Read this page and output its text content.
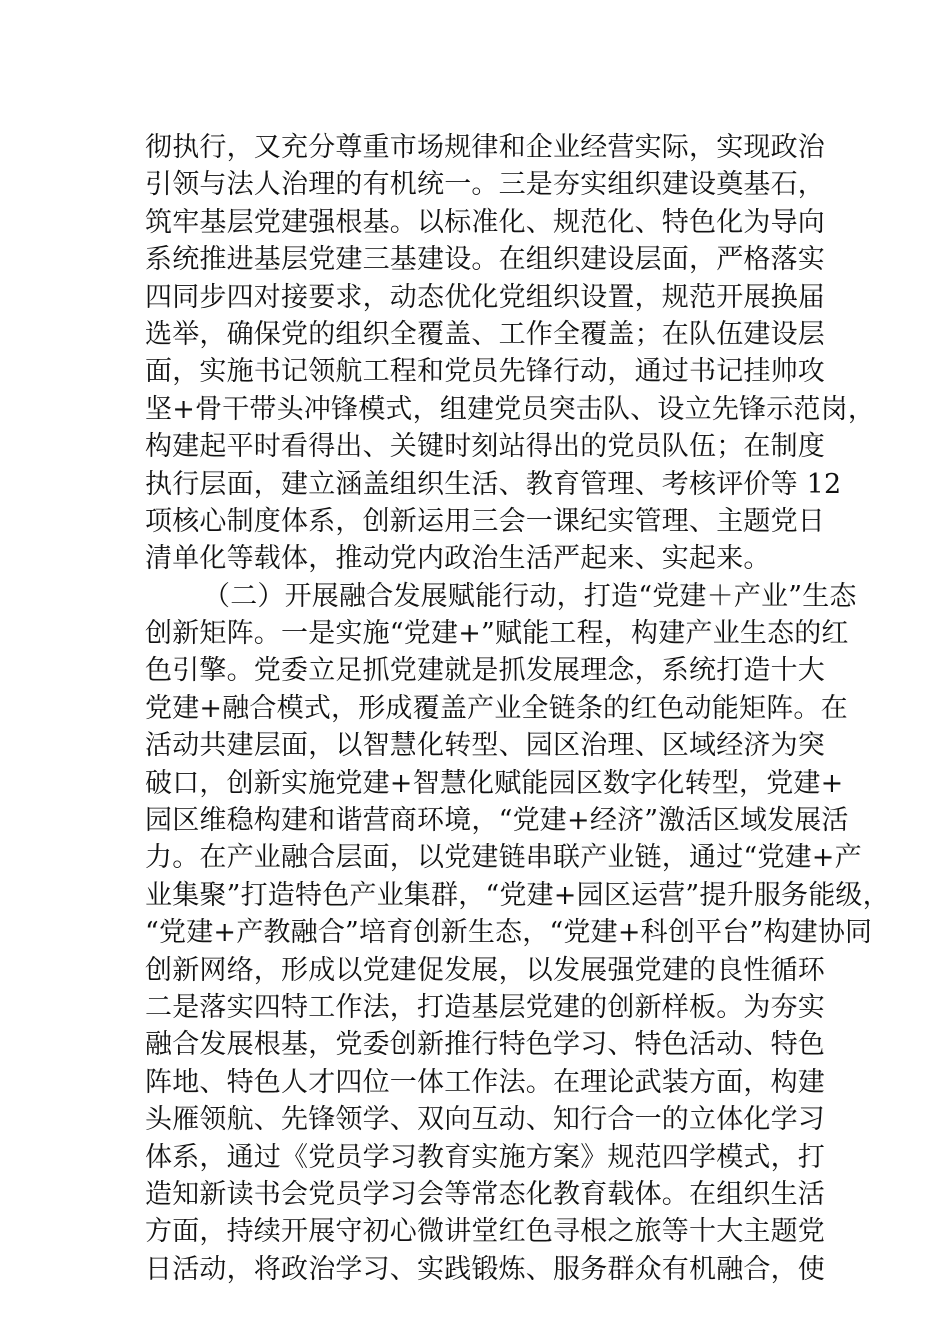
彻执行，又充分尊重市场规律和企业经营实际，实现政治
引领与法人治理的有机统一。三是夯实组织建设奠基石，
筑牢基层党建强根基。以标准化、规范化、特色化为导向
系统推进基层党建三基建设。在组织建设层面，严格落实
四同步四对接要求，动态优化党组织设置，规范开展换届
选举，确保党的组织全覆盖、工作全覆盖；在队伍建设层
面，实施书记领航工程和党员先锋行动，通过书记挂帅攻
坚+骨干带头冲锋模式，组建党员突击队、设立先锋示范岗，
构建起平时看得出、关键时刻站得出的党员队伍；在制度
执行层面，建立涵盖组织生活、教育管理、考核评价等 12
项核心制度体系，创新运用三会一课纪实管理、主题党日
清单化等载体，推动党内政治生活严起来、实起来。
（二）开展融合发展赋能行动，打造“党建＋产业”生态
创新矩阵。一是实施“党建+”赋能工程，构建产业生态的红
色引擎。党委立足抓党建就是抓发展理念，系统打造十大
党建+融合模式，形成覆盖产业全链条的红色动能矩阵。在
活动共建层面，以智慧化转型、园区治理、区域经济为突
破口，创新实施党建+智慧化赋能园区数字化转型，党建+
园区维稳构建和谐营商环境，“党建+经济”激活区域发展活
力。在产业融合层面，以党建链串联产业链，通过“党建+产
业集聚”打造特色产业集群，“党建+园区运营”提升服务能级，
“党建+产教融合”培育创新生态，“党建+科创平台”构建协同
创新网络，形成以党建促发展，以发展强党建的良性循环
二是落实四特工作法，打造基层党建的创新样板。为夯实
融合发展根基，党委创新推行特色学习、特色活动、特色
阵地、特色人才四位一体工作法。在理论武装方面，构建
头雁领航、先锋领学、双向互动、知行合一的立体化学习
体系，通过《党员学习教育实施方案》规范四学模式，打
造知新读书会党员学习会等常态化教育载体。在组织生活
方面，持续开展守初心微讲堂红色寻根之旅等十大主题党
日活动，将政治学习、实践锻炼、服务群众有机融合，使
